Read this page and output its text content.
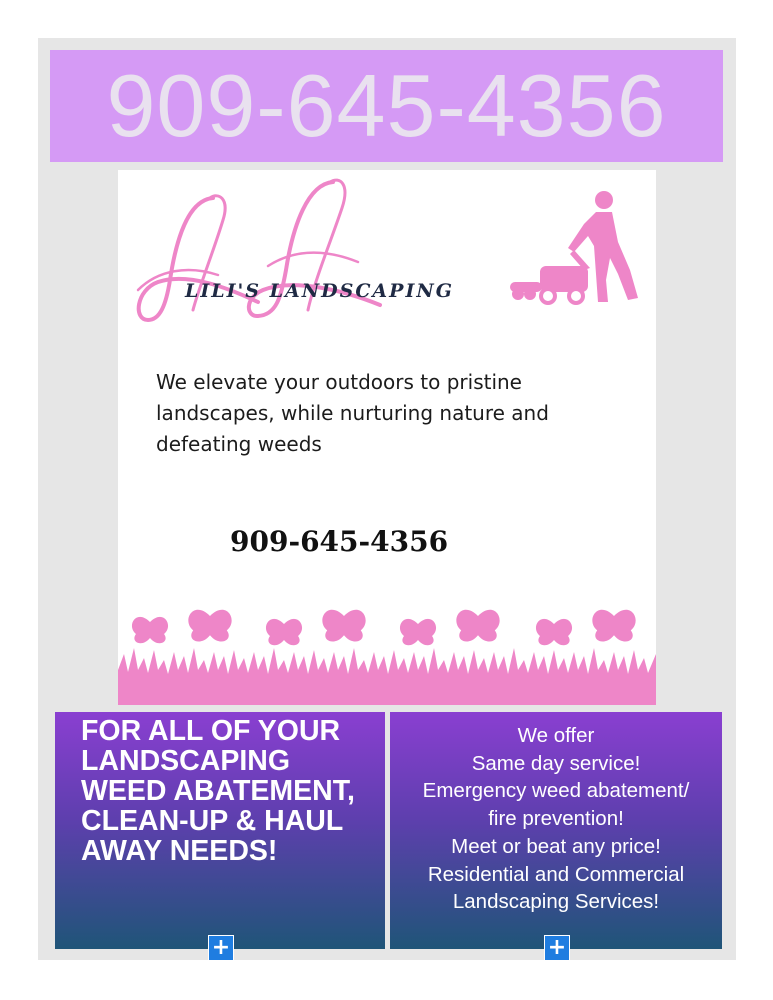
909-645-4356
LILI'S LANDSCAPING
We elevate your outdoors to pristine
landscapes, while nurturing nature and
defeating weeds
909-645-4356
FOR ALL OF YOUR
LANDSCAPING
WEED ABATEMENT,
CLEAN-UP & HAUL
AWAY NEEDS!
We offer
Same day service!
Emergency weed abatement/
fire prevention!
Meet or beat any price!
Residential and Commercial
Landscaping Services!
+	+
